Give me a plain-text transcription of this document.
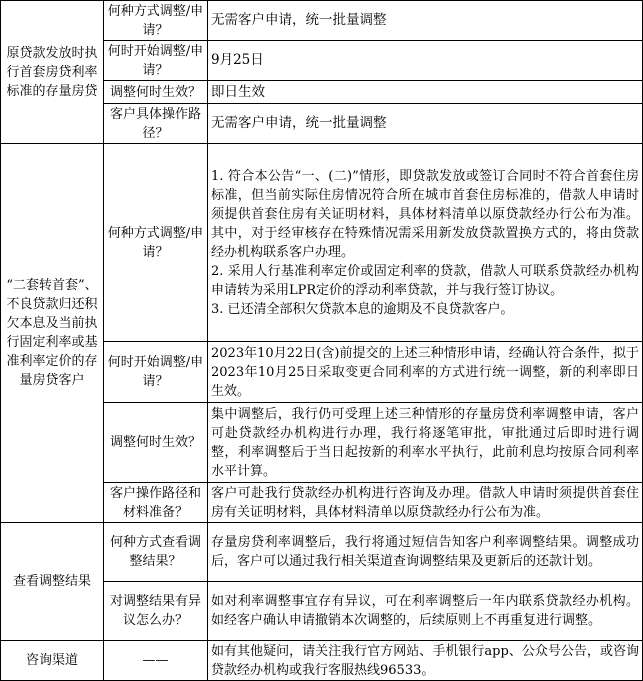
原贷款发放时执行首套房贷利率标准的存量房贷	何种方式调整/申请？	无需客户申请，统一批量调整

	何时开始调整/申请？	9月25日

	调整何时生效？	即日生效

	客户具体操作路径？	无需客户申请，统一批量调整

“二套转首套”、不良贷款归还积欠本息及当前执行固定利率或基准利率定价的存量房贷客户	何种方式调整/申请？	1. 符合本公告“一、(二)”情形，即贷款发放或签订合同时不符合首套住房标准，但当前实际住房情况符合所在城市首套住房标准的，借款人申请时须提供首套住房有关证明材料，具体材料清单以原贷款经办行公布为准。其中，对于经审核存在特殊情况需采用新发放贷款置换方式的，将由贷款经办机构联系客户办理。

2. 采用人行基准利率定价或固定利率的贷款，借款人可联系贷款经办机构申请转为采用LPR定价的浮动利率贷款，并与我行签订协议。

3. 已还清全部积欠贷款本息的逾期及不良贷款客户。

	何时开始调整/申请？	2023年10月22日(含)前提交的上述三种情形申请，经确认符合条件，拟于2023年10月25日采取变更合同利率的方式进行统一调整，新的利率即日生效。

	调整何时生效？	集中调整后，我行仍可受理上述三种情形的存量房贷利率调整申请，客户可赴贷款经办机构进行办理，我行将逐笔审批，审批通过后即时进行调整，利率调整后于当日起按新的利率水平执行，此前利息均按原合同利率水平计算。

	客户操作路径和材料准备？	客户可赴我行贷款经办机构进行咨询及办理。借款人申请时须提供首套住房有关证明材料，具体材料清单以原贷款经办行公布为准。

查看调整结果	何种方式查看调整结果？	存量房贷利率调整后，我行将通过短信告知客户利率调整结果。调整成功后，客户可以通过我行相关渠道查询调整结果及更新后的还款计划。

	对调整结果有异议怎么办？	如对利率调整事宜存有异议，可在利率调整后一年内联系贷款经办机构。如经客户确认申请撤销本次调整的，后续原则上不再重复进行调整。

咨询渠道	——	如有其他疑问，请关注我行官方网站、手机银行app、公众号公告，或咨询贷款经办机构或我行客服热线96533。
